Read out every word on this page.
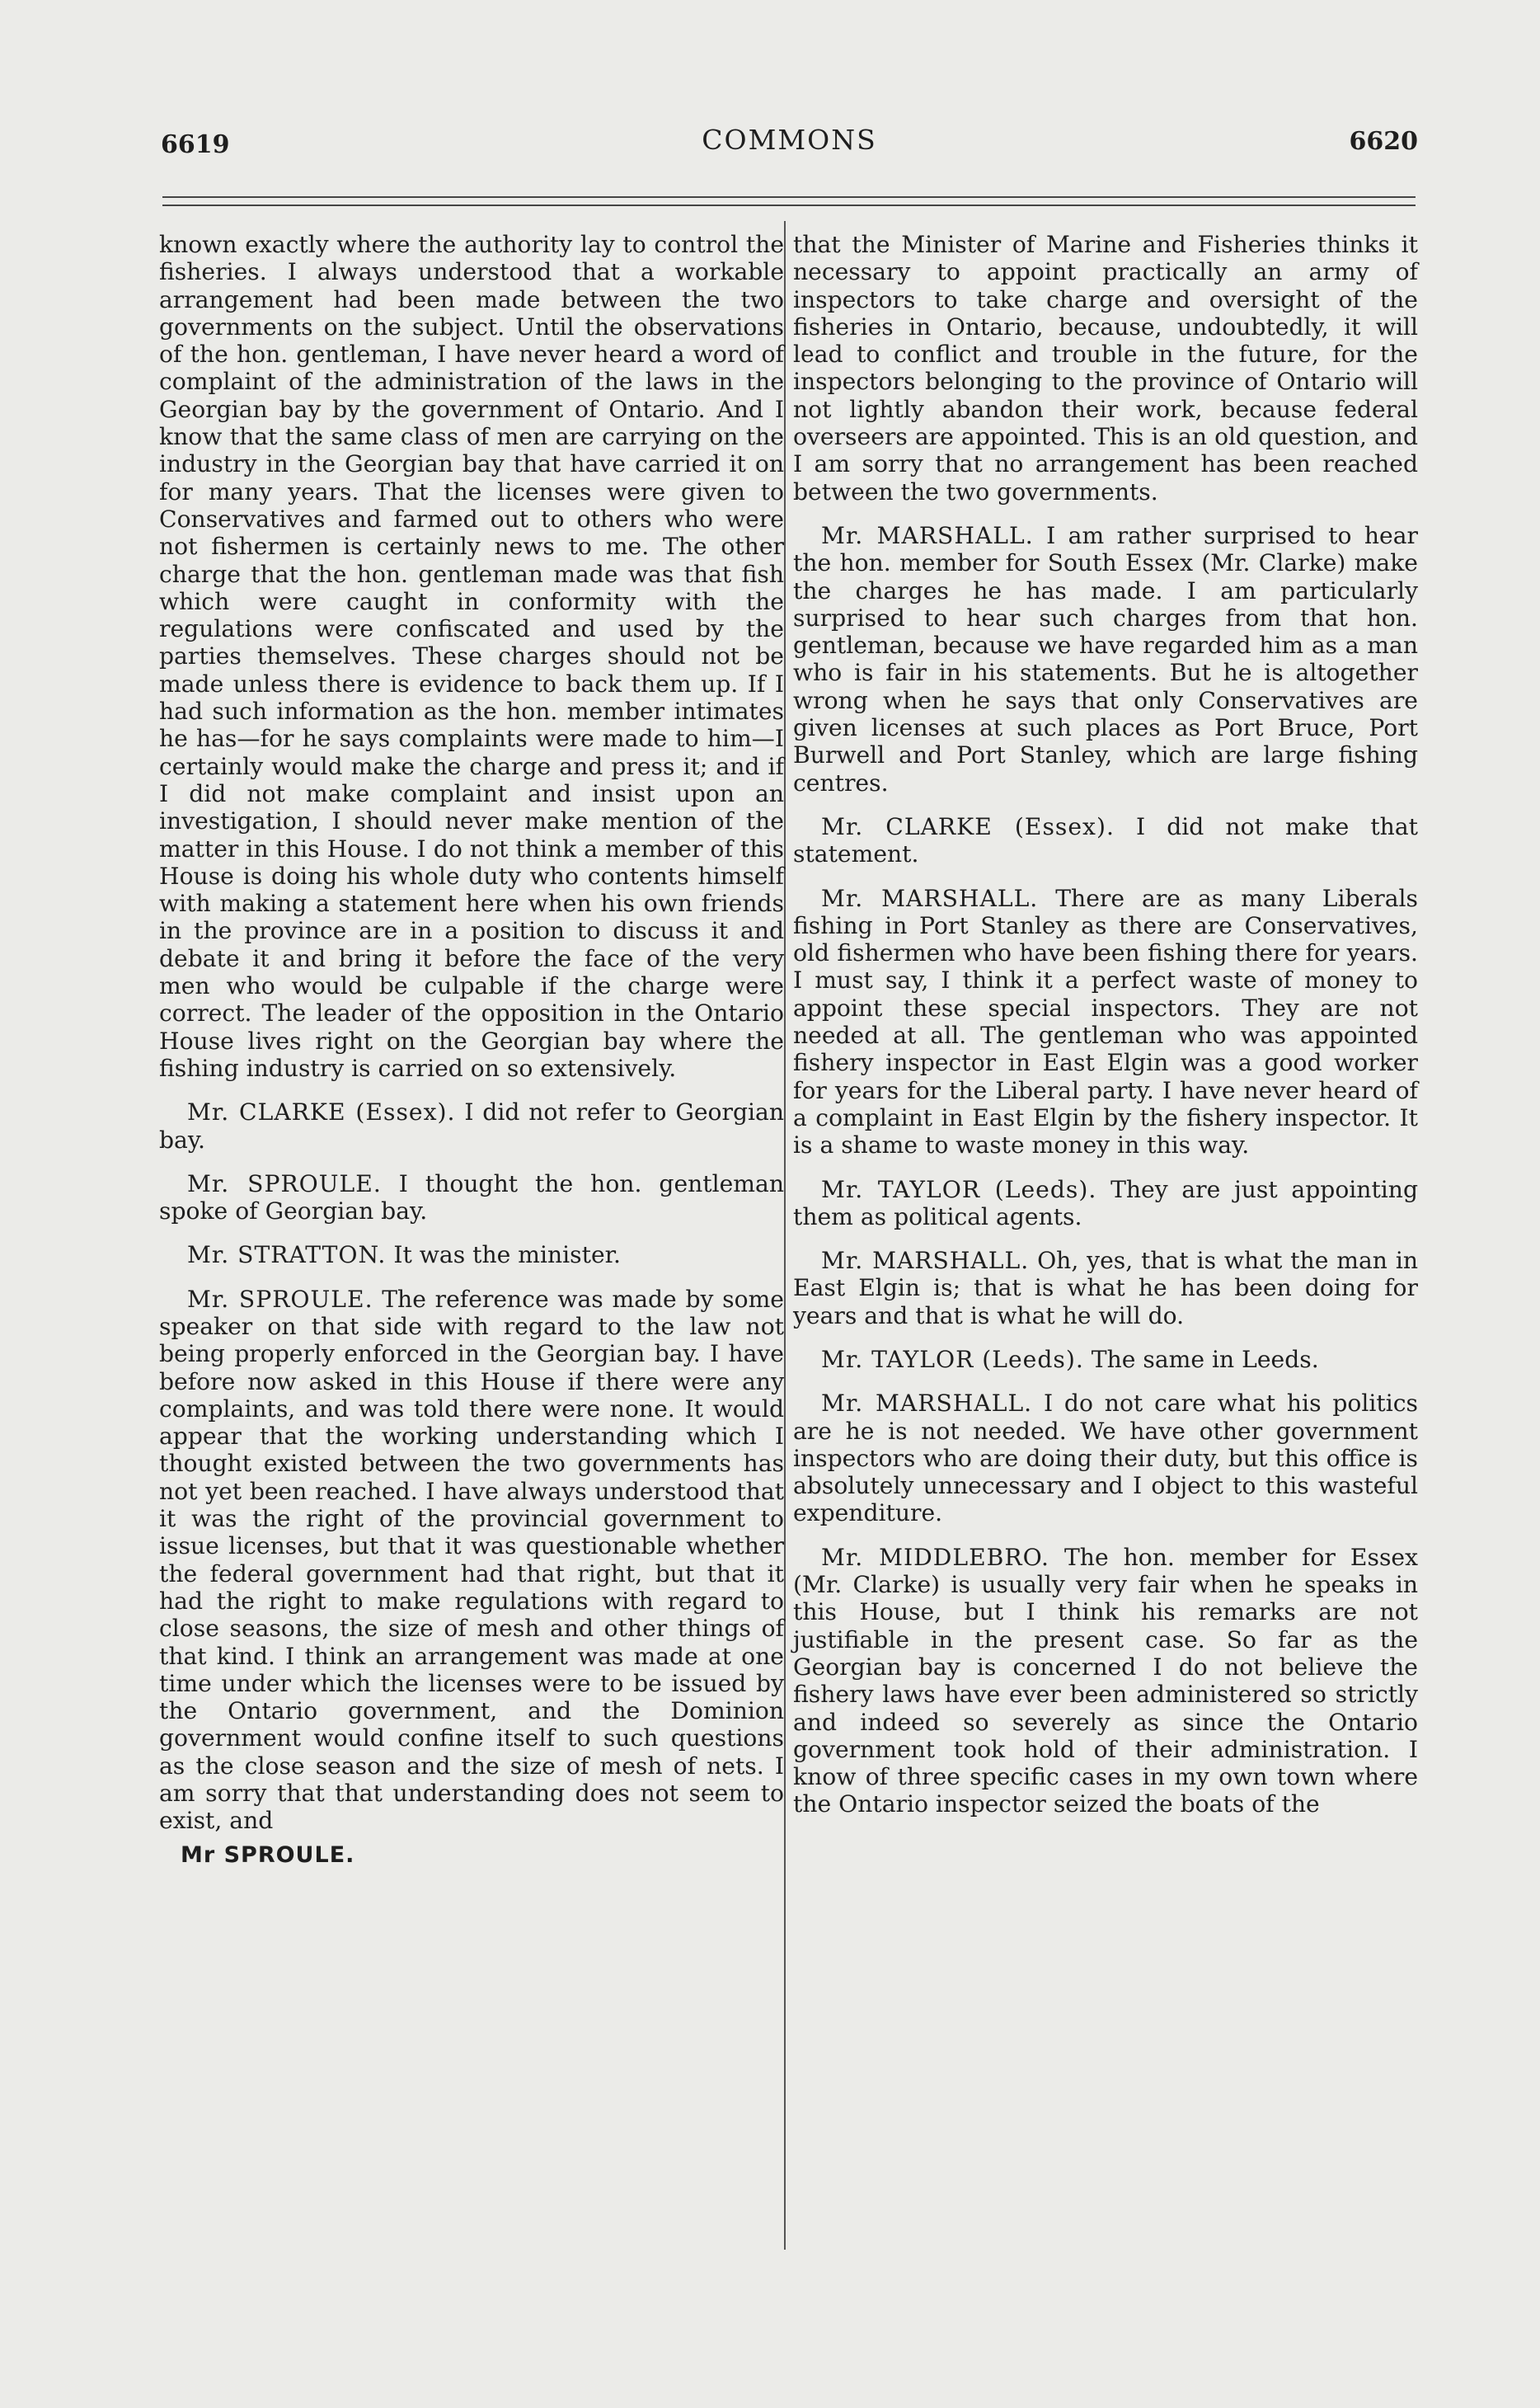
6619	COMMONS	6620

known exactly where the authority lay to control the fisheries. I always understood that a workable arrangement had been made between the two governments on the subject. Until the observations of the hon. gentleman, I have never heard a word of complaint of the administration of the laws in the Georgian bay by the government of Ontario. And I know that the same class of men are carrying on the industry in the Georgian bay that have carried it on for many years. That the licenses were given to Conservatives and farmed out to others who were not fishermen is certainly news to me. The other charge that the hon. gentleman made was that fish which were caught in conformity with the regulations were confiscated and used by the parties themselves. These charges should not be made unless there is evidence to back them up. If I had such information as the hon. member intimates he has—for he says complaints were made to him—I certainly would make the charge and press it; and if I did not make complaint and insist upon an investigation, I should never make mention of the matter in this House. I do not think a member of this House is doing his whole duty who contents himself with making a statement here when his own friends in the province are in a position to discuss it and debate it and bring it before the face of the very men who would be culpable if the charge were correct. The leader of the opposition in the Ontario House lives right on the Georgian bay where the fishing industry is carried on so extensively.

Mr. CLARKE (Essex). I did not refer to Georgian bay.

Mr. SPROULE. I thought the hon. gentleman spoke of Georgian bay.

Mr. STRATTON. It was the minister.

Mr. SPROULE. The reference was made by some speaker on that side with regard to the law not being properly enforced in the Georgian bay. I have before now asked in this House if there were any complaints, and was told there were none. It would appear that the working understanding which I thought existed between the two governments has not yet been reached. I have always understood that it was the right of the provincial government to issue licenses, but that it was questionable whether the federal government had that right, but that it had the right to make regulations with regard to close seasons, the size of mesh and other things of that kind. I think an arrangement was made at one time under which the licenses were to be issued by the Ontario government, and the Dominion government would confine itself to such questions as the close season and the size of mesh of nets. I am sorry that that understanding does not seem to exist, and

Mr SPROULE.

that the Minister of Marine and Fisheries thinks it necessary to appoint practically an army of inspectors to take charge and oversight of the fisheries in Ontario, because, undoubtedly, it will lead to conflict and trouble in the future, for the inspectors belonging to the province of Ontario will not lightly abandon their work, because federal overseers are appointed. This is an old question, and I am sorry that no arrangement has been reached between the two governments.

Mr. MARSHALL. I am rather surprised to hear the hon. member for South Essex (Mr. Clarke) make the charges he has made. I am particularly surprised to hear such charges from that hon. gentleman, because we have regarded him as a man who is fair in his statements. But he is altogether wrong when he says that only Conservatives are given licenses at such places as Port Bruce, Port Burwell and Port Stanley, which are large fishing centres.

Mr. CLARKE (Essex). I did not make that statement.

Mr. MARSHALL. There are as many Liberals fishing in Port Stanley as there are Conservatives, old fishermen who have been fishing there for years. I must say, I think it a perfect waste of money to appoint these special inspectors. They are not needed at all. The gentleman who was appointed fishery inspector in East Elgin was a good worker for years for the Liberal party. I have never heard of a complaint in East Elgin by the fishery inspector. It is a shame to waste money in this way.

Mr. TAYLOR (Leeds). They are just appointing them as political agents.

Mr. MARSHALL. Oh, yes, that is what the man in East Elgin is; that is what he has been doing for years and that is what he will do.

Mr. TAYLOR (Leeds). The same in Leeds.

Mr. MARSHALL. I do not care what his politics are he is not needed. We have other government inspectors who are doing their duty, but this office is absolutely unnecessary and I object to this wasteful expenditure.

Mr. MIDDLEBRO. The hon. member for Essex (Mr. Clarke) is usually very fair when he speaks in this House, but I think his remarks are not justifiable in the present case. So far as the Georgian bay is concerned I do not believe the fishery laws have ever been administered so strictly and indeed so severely as since the Ontario government took hold of their administration. I know of three specific cases in my own town where the Ontario inspector seized the boats of the
